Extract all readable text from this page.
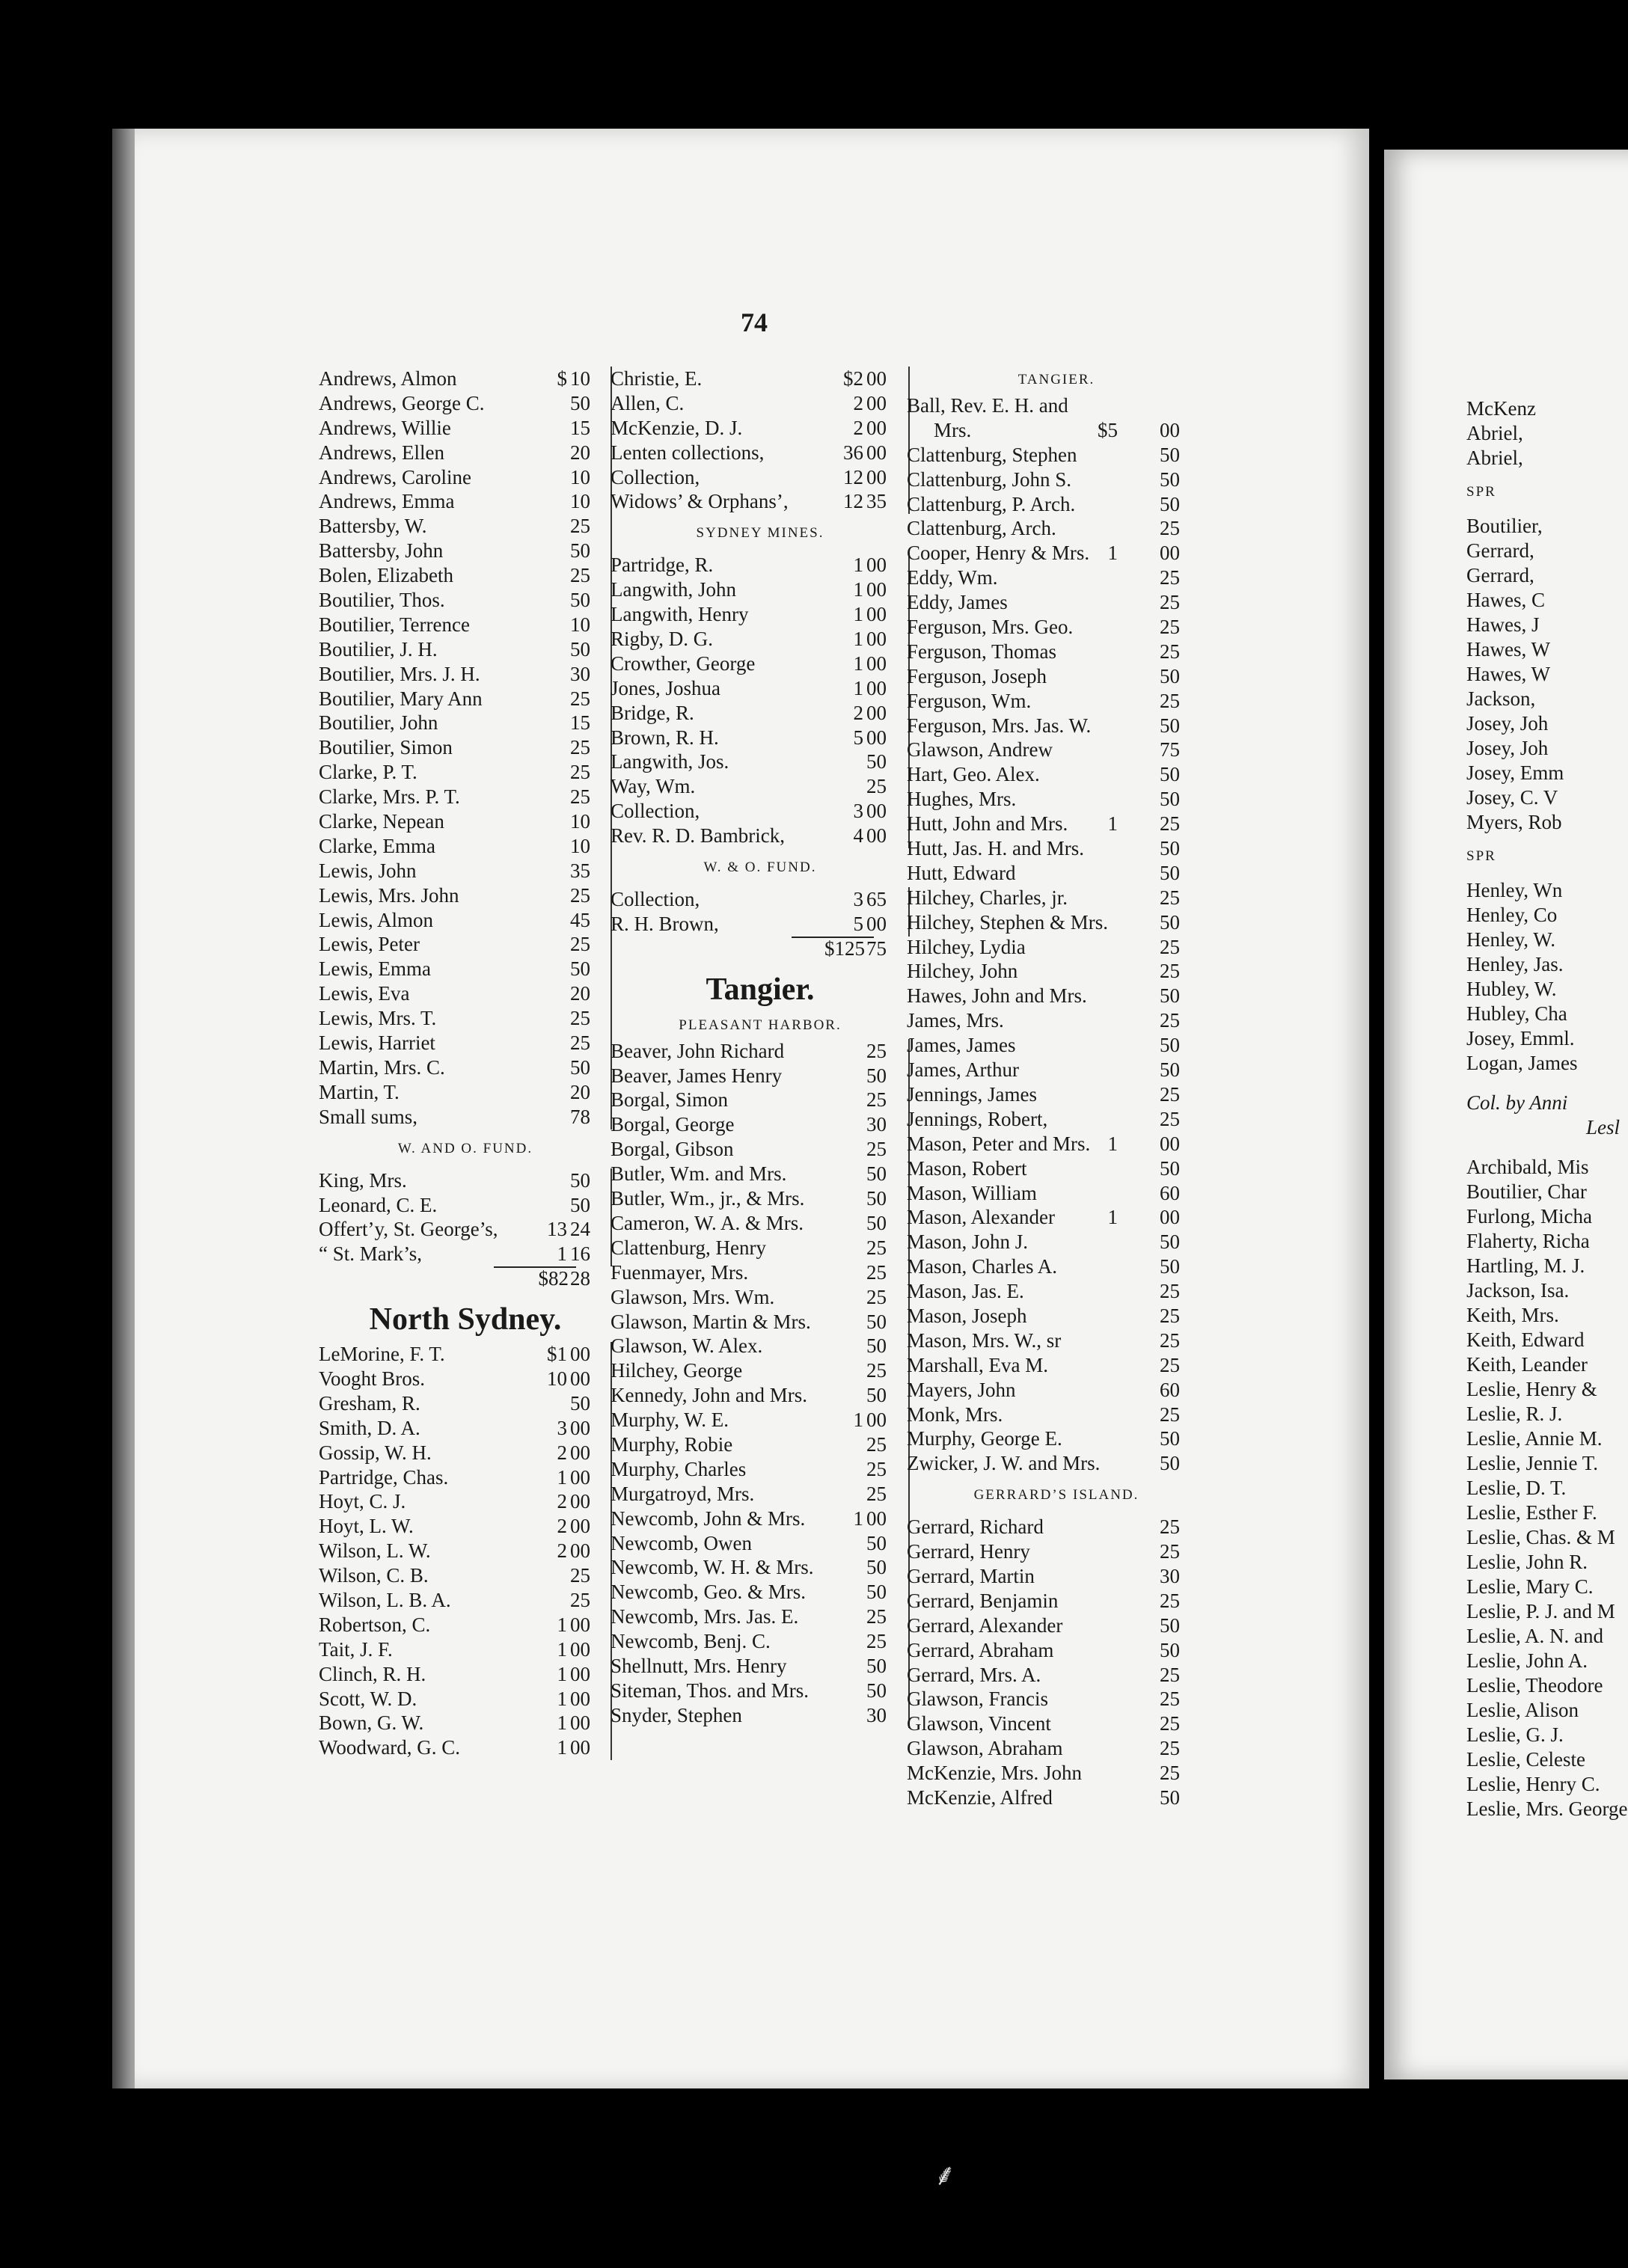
⸙
74
Andrews, Almon	$ 10
Andrews, George C.	50
Andrews, Willie	15
Andrews, Ellen	20
Andrews, Caroline	10
Andrews, Emma	10
Battersby, W.	25
Battersby, John	50
Bolen, Elizabeth	25
Boutilier, Thos.	50
Boutilier, Terrence	10
Boutilier, J. H.	50
Boutilier, Mrs. J. H.	30
Boutilier, Mary Ann	25
Boutilier, John	15
Boutilier, Simon	25
Clarke, P. T.	25
Clarke, Mrs. P. T.	25
Clarke, Nepean	10
Clarke, Emma	10
Lewis, John	35
Lewis, Mrs. John	25
Lewis, Almon	45
Lewis, Peter	25
Lewis, Emma	50
Lewis, Eva	20
Lewis, Mrs. T.	25
Lewis, Harriet	25
Martin, Mrs. C.	50
Martin, T.	20
Small sums,	78
W. AND O. FUND.
King, Mrs.	50
Leonard, C. E.	50
Offert’y, St. George’s, 13 24
“ St. Mark’s,	1 16
$82 28
North Sydney.
LeMorine, F. T.	$1 00
Vooght Bros.	10 00
Gresham, R.	50
Smith, D. A.	3 00
Gossip, W. H.	2 00
Partridge, Chas.	1 00
Hoyt, C. J.	2 00
Hoyt, L. W.	2 00
Wilson, L. W.	2 00
Wilson, C. B.	25
Wilson, L. B. A.	25
Robertson, C.	1 00
Tait, J. F.	1 00
Clinch, R. H.	1 00
Scott, W. D.	1 00
Bown, G. W.	1 00
Woodward, G. C.	1 00
Christie, E.	$2 00
Allen, C.	2 00
McKenzie, D. J.	2 00
Lenten collections,	36 00
Collection,	12 00
Widows’ & Orphans’,	12 35
SYDNEY MINES.
Partridge, R.	1 00
Langwith, John	1 00
Langwith, Henry	1 00
Rigby, D. G.	1 00
Crowther, George	1 00
Jones, Joshua	1 00
Bridge, R.	2 00
Brown, R. H.	5 00
Langwith, Jos.	50
Way, Wm.	25
Collection,	3 00
Rev. R. D. Bambrick,	4 00
W. & O. FUND.
Collection,	3 65
R. H. Brown,	5 00
$125 75
Tangier.
PLEASANT HARBOR.
Beaver, John Richard	25
Beaver, James Henry	50
Borgal, Simon	25
Borgal, George	30
Borgal, Gibson	25
Butler, Wm. and Mrs.	50
Butler, Wm., jr., & Mrs.	50
Cameron, W. A. & Mrs.	50
Clattenburg, Henry	25
Fuenmayer, Mrs.	25
Glawson, Mrs. Wm.	25
Glawson, Martin & Mrs.	50
Glawson, W. Alex.	50
Hilchey, George	25
Kennedy, John and Mrs.	50
Murphy, W. E.	1 00
Murphy, Robie	25
Murphy, Charles	25
Murgatroyd, Mrs.	25
Newcomb, John & Mrs. 1 00
Newcomb, Owen	50
Newcomb, W. H. & Mrs.	50
Newcomb, Geo. & Mrs.	50
Newcomb, Mrs. Jas. E.	25
Newcomb, Benj. C.	25
Shellnutt, Mrs. Henry	50
Siteman, Thos. and Mrs.	50
Snyder, Stephen	30
TANGIER.
Ball, Rev. E. H. and
Mrs.	$5 00
Clattenburg, Stephen	50
Clattenburg, John S.	50
Clattenburg, P. Arch.	50
Clattenburg, Arch.	25
Cooper, Henry & Mrs. 1 00
Eddy, Wm.	25
Eddy, James	25
Ferguson, Mrs. Geo.	25
Ferguson, Thomas	25
Ferguson, Joseph	50
Ferguson, Wm.	25
Ferguson, Mrs. Jas. W.	50
Glawson, Andrew	75
Hart, Geo. Alex.	50
Hughes, Mrs.	50
Hutt, John and Mrs. 1 25
Hutt, Jas. H. and Mrs.	50
Hutt, Edward	50
Hilchey, Charles, jr.	25
Hilchey, Stephen & Mrs.	50
Hilchey, Lydia	25
Hilchey, John	25
Hawes, John and Mrs.	50
James, Mrs.	25
James, James	50
James, Arthur	50
Jennings, James	25
Jennings, Robert,	25
Mason, Peter and Mrs. 1 00
Mason, Robert	50
Mason, William	60
Mason, Alexander	1 00
Mason, John J.	50
Mason, Charles A.	50
Mason, Jas. E.	25
Mason, Joseph	25
Mason, Mrs. W., sr	25
Marshall, Eva M.	25
Mayers, John	60
Monk, Mrs.	25
Murphy, George E.	50
Zwicker, J. W. and Mrs.	50
GERRARD’S ISLAND.
Gerrard, Richard	25
Gerrard, Henry	25
Gerrard, Martin	30
Gerrard, Benjamin	25
Gerrard, Alexander	50
Gerrard, Abraham	50
Gerrard, Mrs. A.	25
Glawson, Francis	25
Glawson, Vincent	25
Glawson, Abraham	25
McKenzie, Mrs. John	25
McKenzie, Alfred	50
McKenz
Abriel,
Abriel,
SPR
Boutilier,
Gerrard,
Gerrard,
Hawes, C
Hawes, J
Hawes, W
Hawes, W
Jackson,
Josey, Joh
Josey, Joh
Josey, Emm
Josey, C. V
Myers, Rob
SPR
Henley, Wn
Henley, Co
Henley, W.
Henley, Jas.
Hubley, W.
Hubley, Cha
Josey, Emml.
Logan, James
Col. by Anni
Lesl
Archibald, Mis
Boutilier, Char
Furlong, Micha
Flaherty, Richa
Hartling, M. J.
Jackson, Isa.
Keith, Mrs.
Keith, Edward
Keith, Leander
Leslie, Henry &
Leslie, R. J.
Leslie, Annie M.
Leslie, Jennie T.
Leslie, D. T.
Leslie, Esther F.
Leslie, Chas. & M
Leslie, John R.
Leslie, Mary C.
Leslie, P. J. and M
Leslie, A. N. and
Leslie, John A.
Leslie, Theodore
Leslie, Alison
Leslie, G. J.
Leslie, Celeste
Leslie, Henry C.
Leslie, Mrs. George
